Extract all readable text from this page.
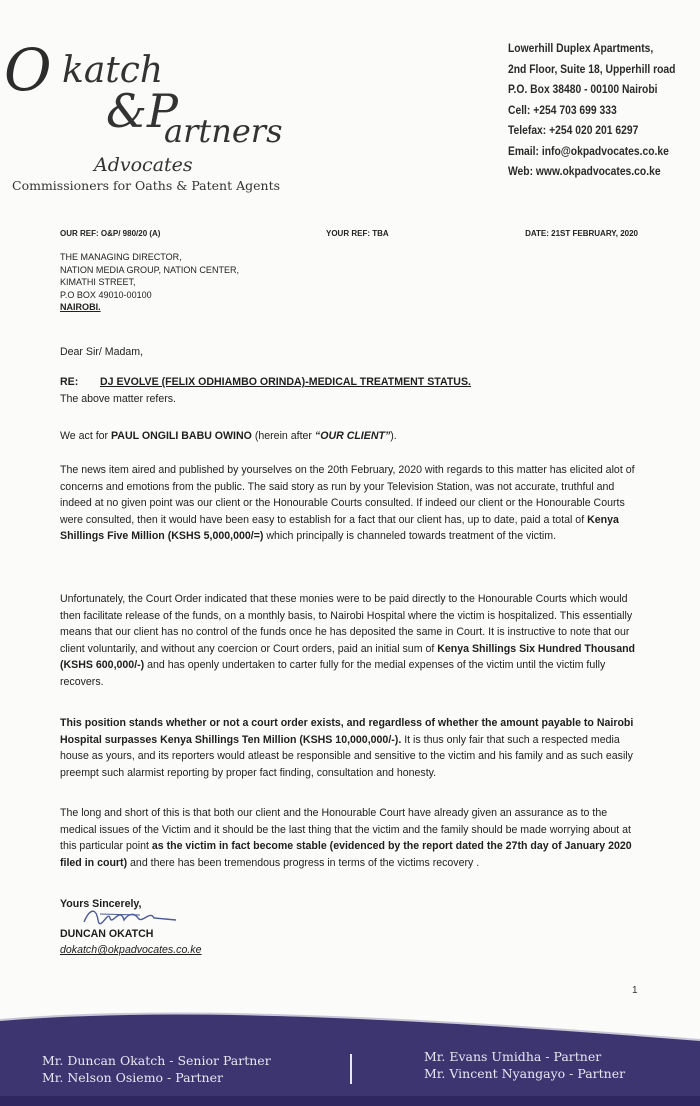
O katch
&P
artners
Advocates
Commissioners for Oaths & Patent Agents
Lowerhill Duplex Apartments,
2nd Floor, Suite 18, Upperhill road
P.O. Box 38480 - 00100 Nairobi
Cell: +254 703 699 333
Telefax: +254 020 201 6297
Email: info@okpadvocates.co.ke
Web: www.okpadvocates.co.ke
OUR REF: O&P/ 980/20 (A)	YOUR REF: TBA	DATE: 21ST FEBRUARY, 2020
THE MANAGING DIRECTOR,
NATION MEDIA GROUP, NATION CENTER,
KIMATHI STREET,
P.O BOX 49010-00100
NAIROBI.
Dear Sir/ Madam,

RE: DJ EVOLVE (FELIX ODHIAMBO ORINDA)-MEDICAL TREATMENT STATUS.

The above matter refers.

We act for PAUL ONGILI BABU OWINO (herein after “OUR CLIENT”).

The news item aired and published by yourselves on the 20th February, 2020 with regards to this matter has elicited alot of concerns and emotions from the public. The said story as run by your Television Station, was not accurate, truthful and indeed at no given point was our client or the Honourable Courts consulted. If indeed our client or the Honourable Courts were consulted, then it would have been easy to establish for a fact that our client has, up to date, paid a total of Kenya Shillings Five Million (KSHS 5,000,000/=) which principally is channeled towards treatment of the victim.

Unfortunately, the Court Order indicated that these monies were to be paid directly to the Honourable Courts which would then facilitate release of the funds, on a monthly basis, to Nairobi Hospital where the victim is hospitalized. This essentially means that our client has no control of the funds once he has deposited the same in Court. It is instructive to note that our client voluntarily, and without any coercion or Court orders, paid an initial sum of Kenya Shillings Six Hundred Thousand (KSHS 600,000/-) and has openly undertaken to carter fully for the medial expenses of the victim until the victim fully recovers.

This position stands whether or not a court order exists, and regardless of whether the amount payable to Nairobi Hospital surpasses Kenya Shillings Ten Million (KSHS 10,000,000/-). It is thus only fair that such a respected media house as yours, and its reporters would atleast be responsible and sensitive to the victim and his family and as such easily preempt such alarmist reporting by proper fact finding, consultation and honesty.

The long and short of this is that both our client and the Honourable Court have already given an assurance as to the medical issues of the Victim and it should be the last thing that the victim and the family should be made worrying about at this particular point as the victim in fact become stable (evidenced by the report dated the 27th day of January 2020 filed in court) and there has been tremendous progress in terms of the victims recovery .

Yours Sincerely,
DUNCAN OKATCH
dokatch@okpadvocates.co.ke
1
Mr. Duncan Okatch - Senior Partner
Mr. Nelson Osiemo - Partner
Mr. Evans Umidha - Partner
Mr. Vincent Nyangayo - Partner
